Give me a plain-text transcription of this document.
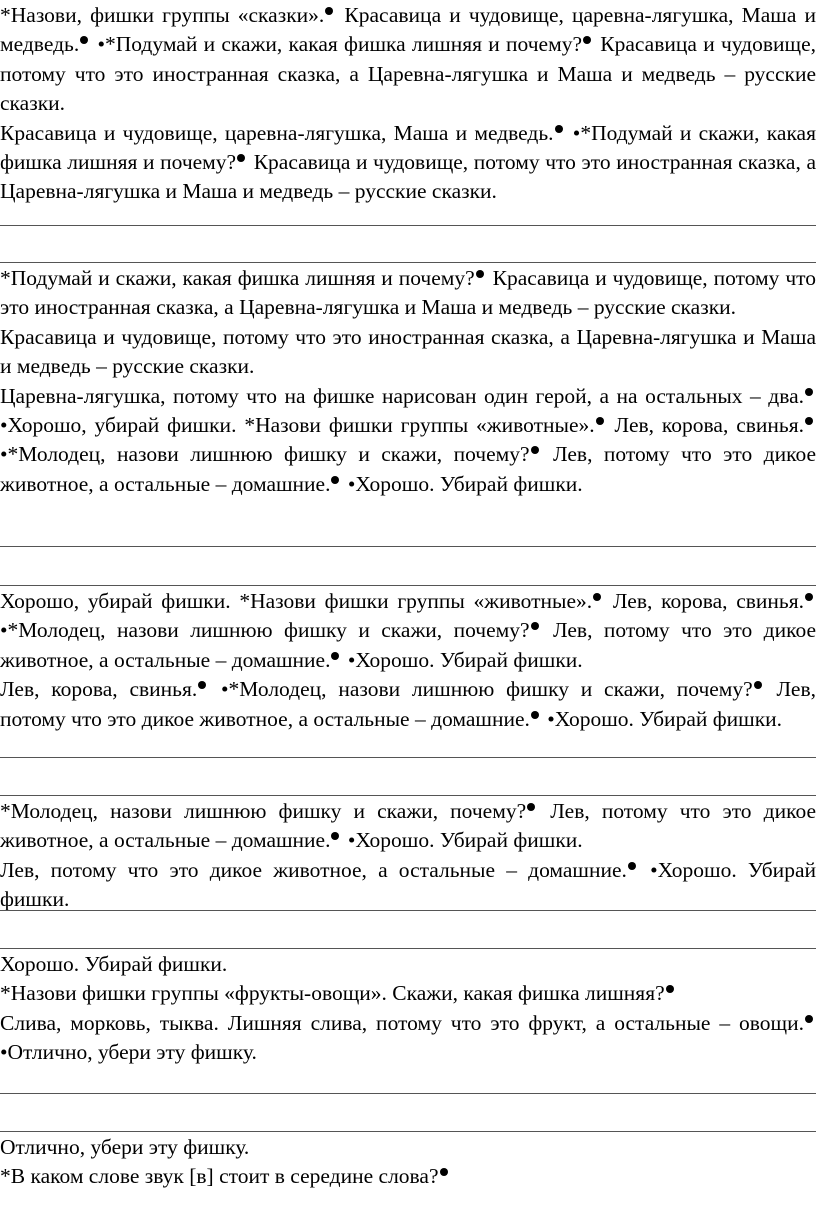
*Назови, фишки группы «сказки». Красавица и чудовище, царевна-лягушка, Маша и медведь. •*Подумай и скажи, какая фишка лишняя и почему? Красавица и чудовище, потому что это иностранная сказка, а Царевна-лягушка и Маша и медведь – русские сказки.

Красавица и чудовище, царевна-лягушка, Маша и медведь. •*Подумай и скажи, какая фишка лишняя и почему? Красавица и чудовище, потому что это иностранная сказка, а Царевна-лягушка и Маша и медведь – русские сказки.

*Подумай и скажи, какая фишка лишняя и почему? Красавица и чудовище, потому что это иностранная сказка, а Царевна-лягушка и Маша и медведь – русские сказки.

Красавица и чудовище, потому что это иностранная сказка, а Царевна-лягушка и Маша и медведь – русские сказки.

Царевна-лягушка, потому что на фишке нарисован один герой, а на остальных – два. •Хорошо, убирай фишки. *Назови фишки группы «животные». Лев, корова, свинья. •*Молодец, назови лишнюю фишку и скажи, почему? Лев, потому что это дикое животное, а остальные – домашние. •Хорошо. Убирай фишки.

Хорошо, убирай фишки. *Назови фишки группы «животные». Лев, корова, свинья. •*Молодец, назови лишнюю фишку и скажи, почему? Лев, потому что это дикое животное, а остальные – домашние. •Хорошо. Убирай фишки.

Лев, корова, свинья. •*Молодец, назови лишнюю фишку и скажи, почему? Лев, потому что это дикое животное, а остальные – домашние. •Хорошо. Убирай фишки.

*Молодец, назови лишнюю фишку и скажи, почему? Лев, потому что это дикое животное, а остальные – домашние. •Хорошо. Убирай фишки.

Лев, потому что это дикое животное, а остальные – домашние. •Хорошо. Убирай фишки.

Хорошо. Убирай фишки.

*Назови фишки группы «фрукты-овощи». Скажи, какая фишка лишняя?

Слива, морковь, тыква. Лишняя слива, потому что это фрукт, а остальные – овощи. •Отлично, убери эту фишку.

Отлично, убери эту фишку.

*В каком слове звук [в] стоит в середине слова?
